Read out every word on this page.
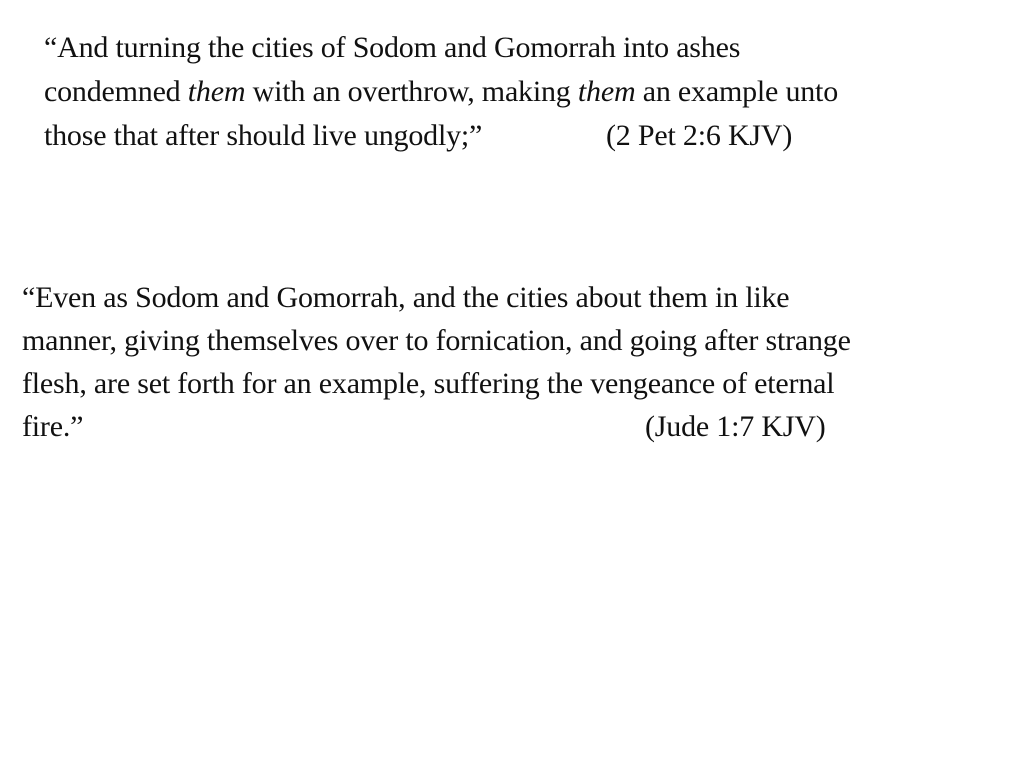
“And turning the cities of Sodom and Gomorrah into ashes
condemned them with an overthrow, making them an example unto
those that after should live ungodly;”	(2 Pet 2:6 KJV)
“Even as Sodom and Gomorrah, and the cities about them in like
manner, giving themselves over to fornication, and going after strange
flesh, are set forth for an example, suffering the vengeance of eternal
fire.”	(Jude 1:7 KJV)
